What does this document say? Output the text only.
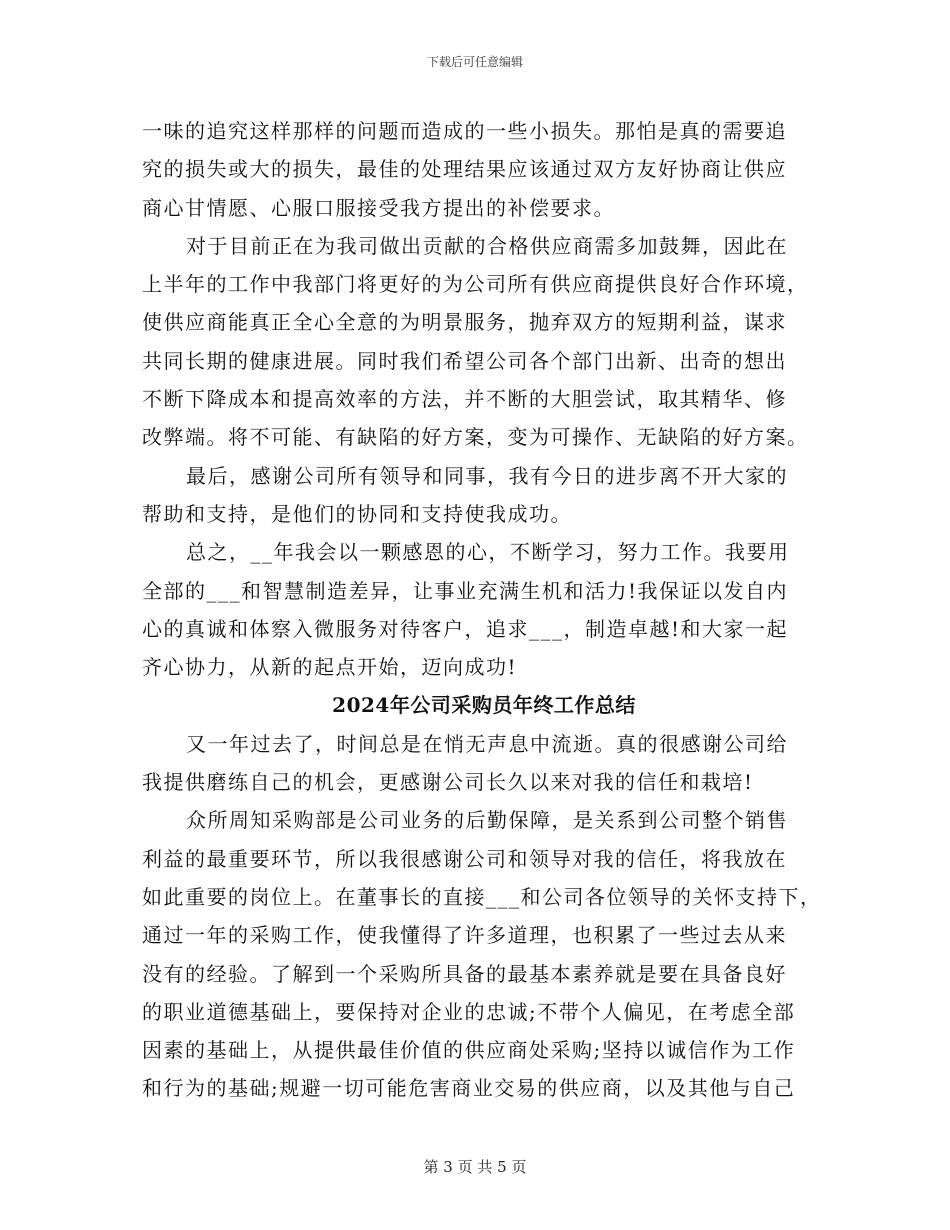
下载后可任意编辑
一味的追究这样那样的问题而造成的一些小损失。那怕是真的需要追
究的损失或大的损失，最佳的处理结果应该通过双方友好协商让供应
商心甘情愿、心服口服接受我方提出的补偿要求。
对于目前正在为我司做出贡献的合格供应商需多加鼓舞，因此在
上半年的工作中我部门将更好的为公司所有供应商提供良好合作环境，
使供应商能真正全心全意的为明景服务，抛弃双方的短期利益，谋求
共同长期的健康进展。同时我们希望公司各个部门出新、出奇的想出
不断下降成本和提高效率的方法，并不断的大胆尝试，取其精华、修
改弊端。将不可能、有缺陷的好方案，变为可操作、无缺陷的好方案。
最后，感谢公司所有领导和同事，我有今日的进步离不开大家的
帮助和支持，是他们的协同和支持使我成功。
总之，__年我会以一颗感恩的心，不断学习，努力工作。我要用
全部的___和智慧制造差异，让事业充满生机和活力!我保证以发自内
心的真诚和体察入微服务对待客户，追求___，制造卓越!和大家一起
齐心协力，从新的起点开始，迈向成功!
2024年公司采购员年终工作总结
又一年过去了，时间总是在悄无声息中流逝。真的很感谢公司给
我提供磨练自己的机会，更感谢公司长久以来对我的信任和栽培!
众所周知采购部是公司业务的后勤保障，是关系到公司整个销售
利益的最重要环节，所以我很感谢公司和领导对我的信任，将我放在
如此重要的岗位上。在董事长的直接___和公司各位领导的关怀支持下，
通过一年的采购工作，使我懂得了许多道理，也积累了一些过去从来
没有的经验。了解到一个采购所具备的最基本素养就是要在具备良好
的职业道德基础上，要保持对企业的忠诚;不带个人偏见，在考虑全部
因素的基础上，从提供最佳价值的供应商处采购;坚持以诚信作为工作
和行为的基础;规避一切可能危害商业交易的供应商，以及其他与自己
第 3 页 共 5 页
